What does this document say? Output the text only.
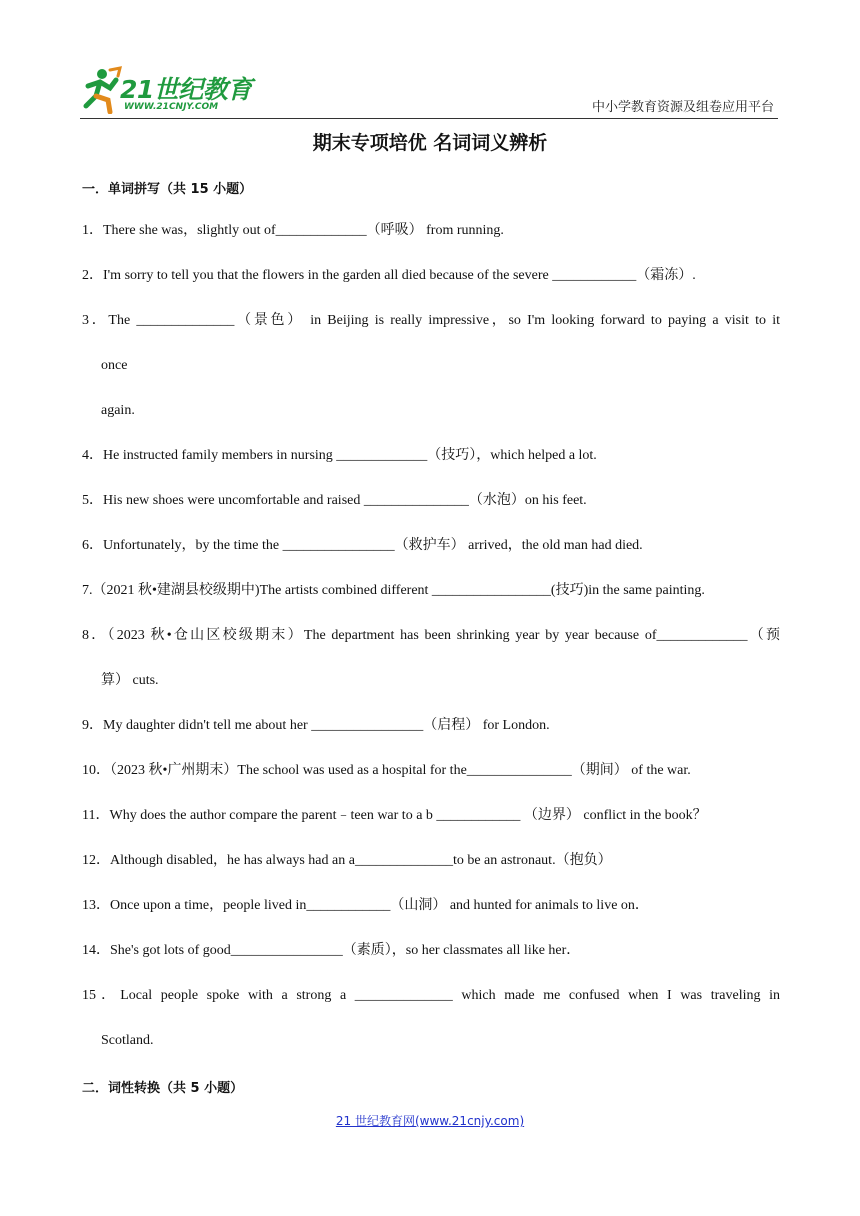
21世纪教育
WWW.21CNJY.COM	中小学教育资源及组卷应用平台
期末专项培优 名词词义辨析
一．单词拼写（共 15 小题）
1．There she was，slightly out of_____________（呼吸） from running.
2．I'm sorry to tell you that the flowers in the garden all died because of the severe ____________（霜冻）.
3．The ______________（景色） in Beijing is really impressive，so I'm looking forward to paying a visit to it
once
again.
4．He instructed family members in nursing _____________（技巧），which helped a lot.
5．His new shoes were uncomfortable and raised _______________（水泡）on his feet.
6．Unfortunately，by the time the ________________（救护车） arrived，the old man had died.
7.（2021 秋•建湖县校级期中)The artists combined different _________________(技巧)in the same painting.
8．（2023 秋•仓山区校级期末）The department has been shrinking year by year because of_____________（预
算） cuts.
9．My daughter didn't tell me about her ________________（启程） for London.
10．（2023 秋•广州期末）The school was used as a hospital for the_______________（期间） of the war.
11．Why does the author compare the parent﹣teen war to a b ____________ （边界） conflict in the book？
12．Although disabled，he has always had an a______________to be an astronaut.（抱负）
13．Once upon a time，people lived in____________（山洞） and hunted for animals to live on．
14．She's got lots of good________________（素质），so her classmates all like her．
15．Local people spoke with a strong a ______________ which made me confused when I was traveling in
Scotland.
二．词性转换（共 5 小题）
21 世纪教育网(www.21cnjy.com)
